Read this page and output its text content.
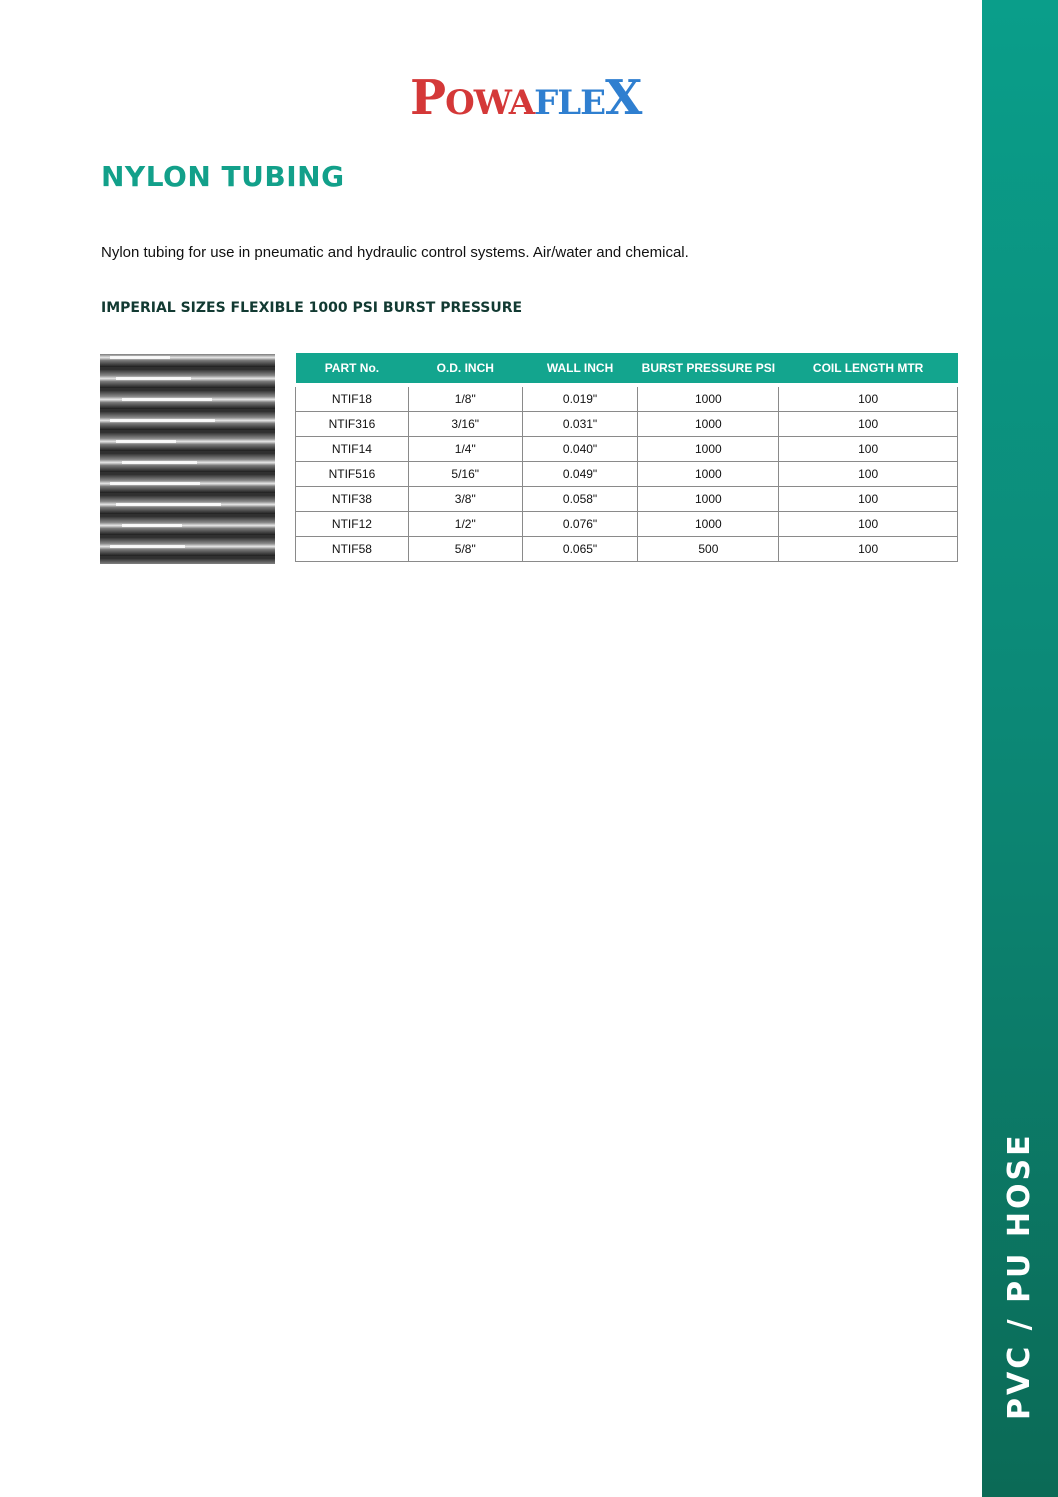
PVC / PU HOSE
POWAFLEX
NYLON TUBING
Nylon tubing for use in pneumatic and hydraulic control systems. Air/water and chemical.
IMPERIAL SIZES FLEXIBLE 1000 PSI BURST PRESSURE
PART No.	O.D. INCH	WALL INCH	BURST PRESSURE PSI	COIL LENGTH MTR
NTIF18	1/8"	0.019"	1000	100
NTIF316	3/16"	0.031"	1000	100
NTIF14	1/4"	0.040"	1000	100
NTIF516	5/16"	0.049"	1000	100
NTIF38	3/8"	0.058"	1000	100
NTIF12	1/2"	0.076"	1000	100
NTIF58	5/8"	0.065"	500	100
